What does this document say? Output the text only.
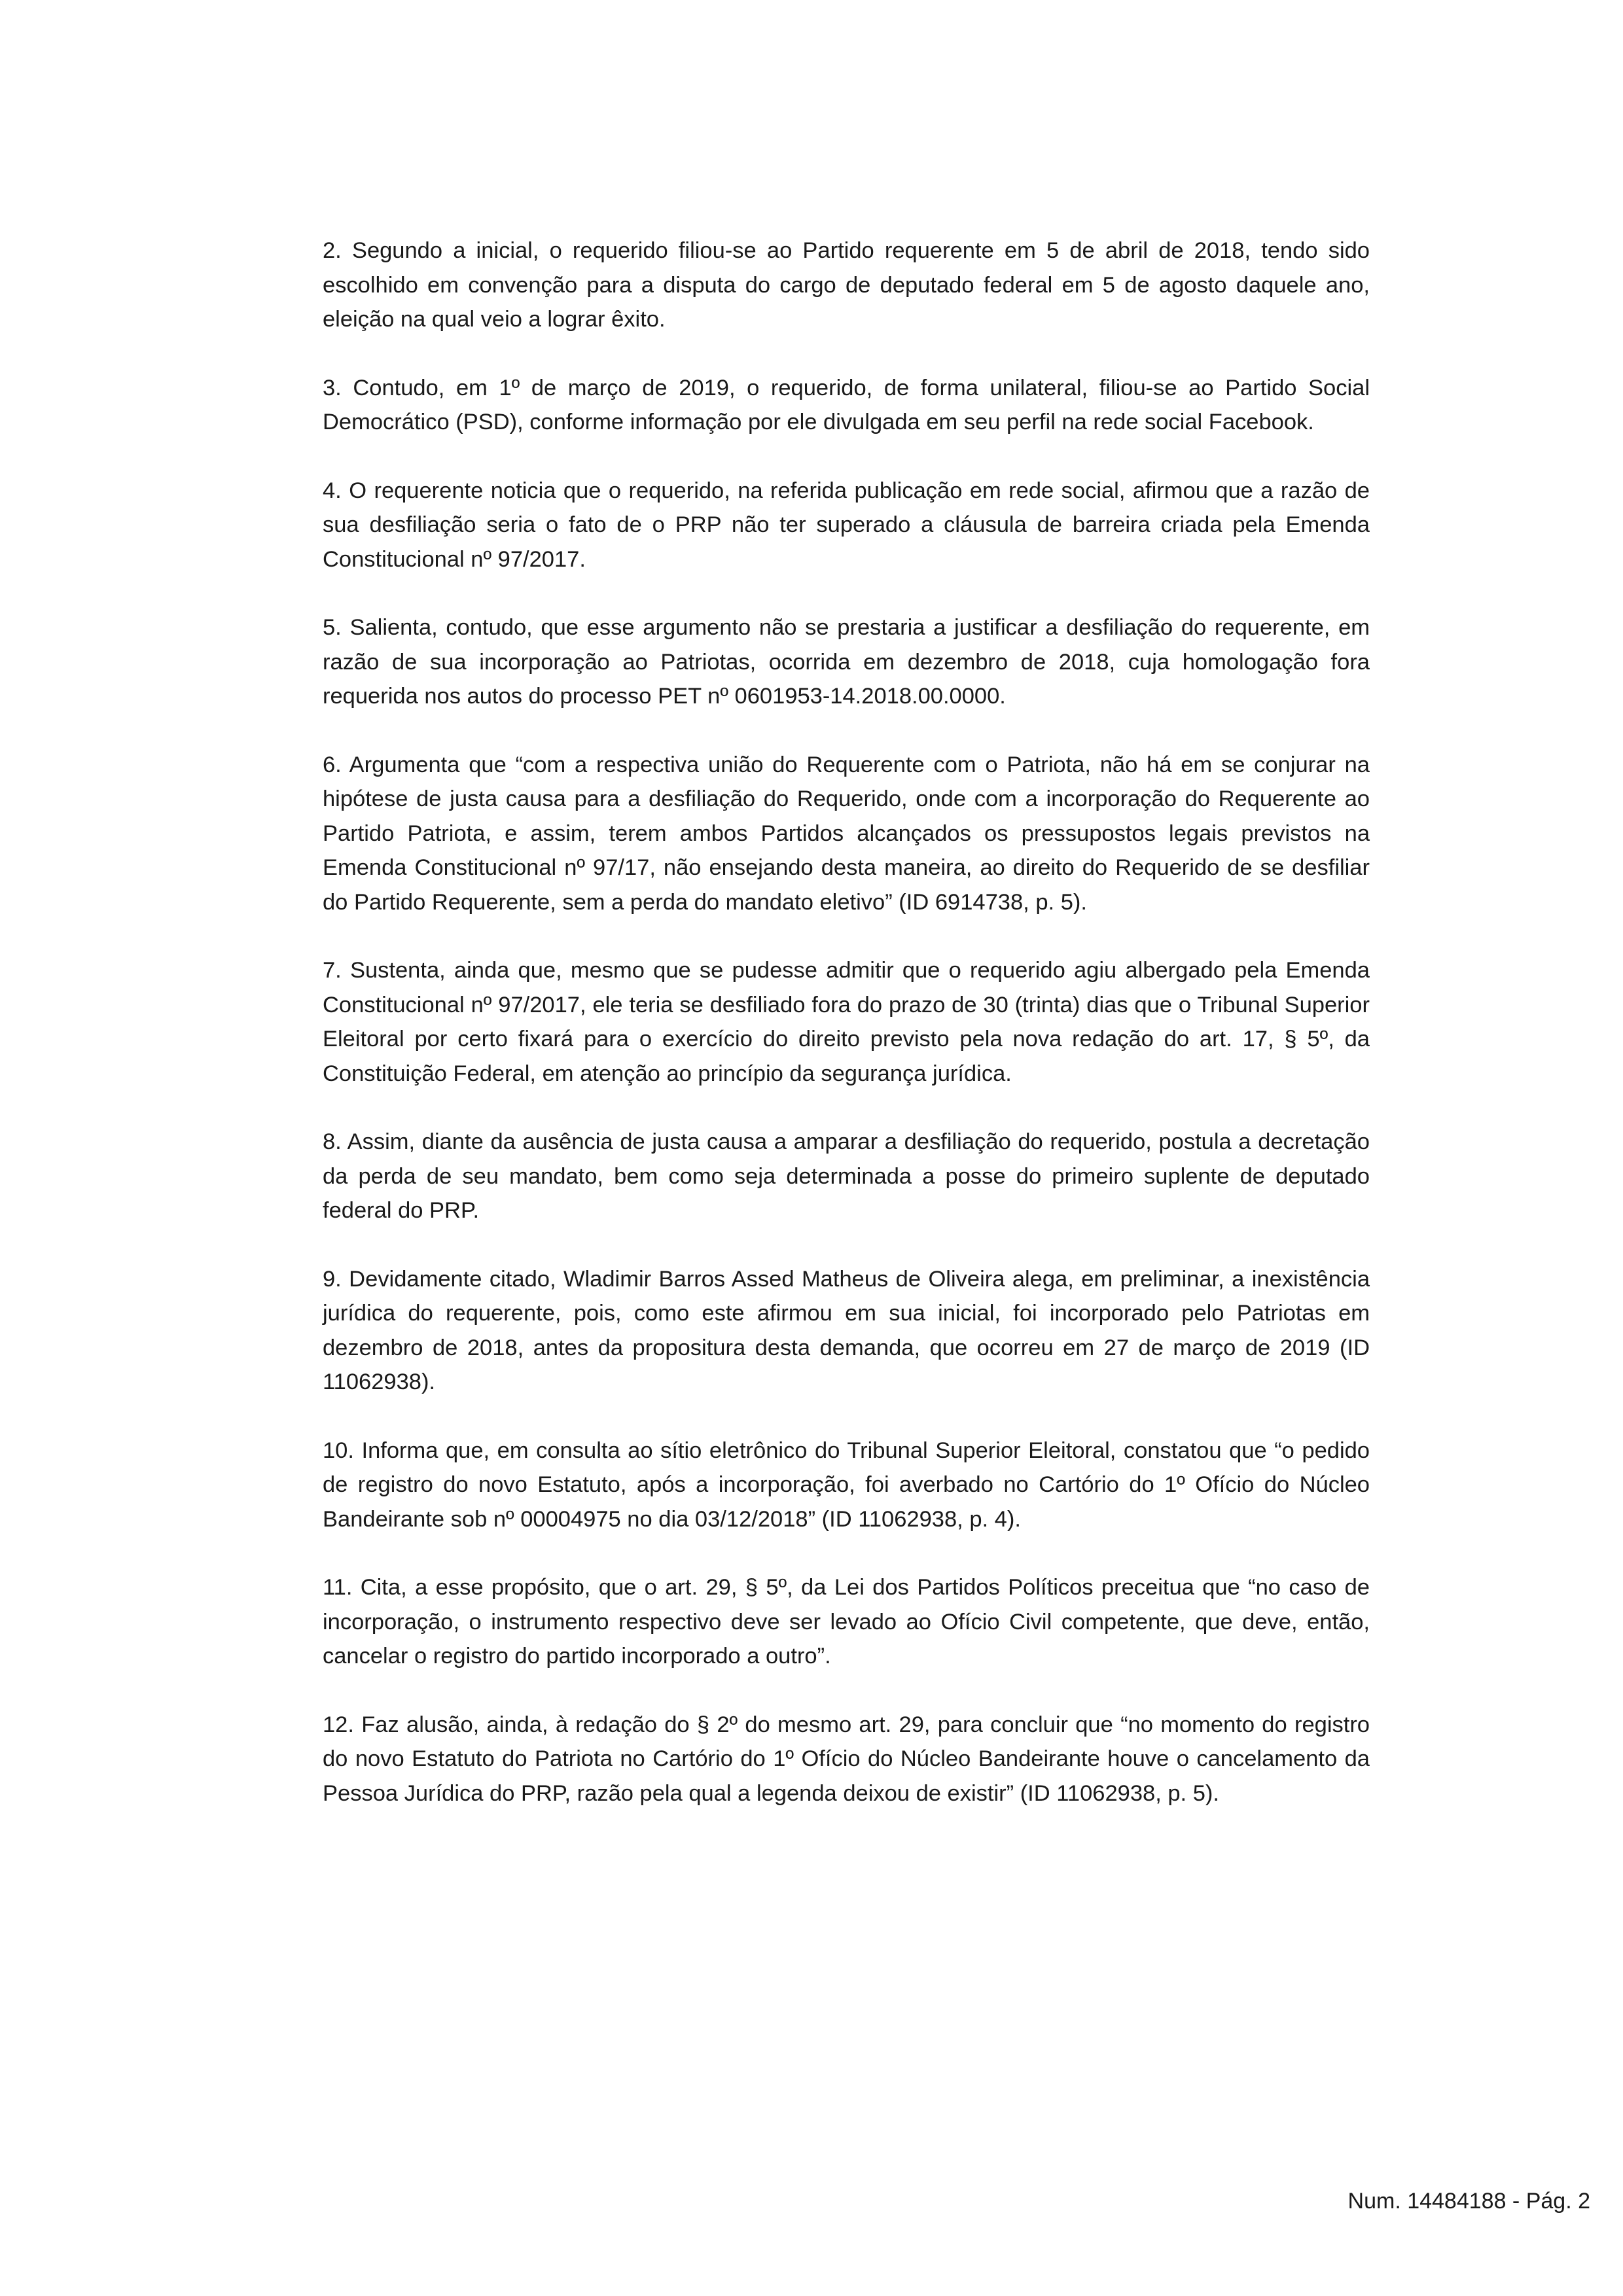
2. Segundo a inicial, o requerido filiou-se ao Partido requerente em 5 de abril de 2018, tendo sido escolhido em convenção para a disputa do cargo de deputado federal em 5 de agosto daquele ano, eleição na qual veio a lograr êxito.

3. Contudo, em 1º de março de 2019, o requerido, de forma unilateral, filiou-se ao Partido Social Democrático (PSD), conforme informação por ele divulgada em seu perfil na rede social Facebook.

4. O requerente noticia que o requerido, na referida publicação em rede social, afirmou que a razão de sua desfiliação seria o fato de o PRP não ter superado a cláusula de barreira criada pela Emenda Constitucional nº 97/2017.

5. Salienta, contudo, que esse argumento não se prestaria a justificar a desfiliação do requerente, em razão de sua incorporação ao Patriotas, ocorrida em dezembro de 2018, cuja homologação fora requerida nos autos do processo PET nº 0601953-14.2018.00.0000.

6. Argumenta que “com a respectiva união do Requerente com o Patriota, não há em se conjurar na hipótese de justa causa para a desfiliação do Requerido, onde com a incorporação do Requerente ao Partido Patriota, e assim, terem ambos Partidos alcançados os pressupostos legais previstos na Emenda Constitucional nº 97/17, não ensejando desta maneira, ao direito do Requerido de se desfiliar do Partido Requerente, sem a perda do mandato eletivo” (ID 6914738, p. 5).

7. Sustenta, ainda que, mesmo que se pudesse admitir que o requerido agiu albergado pela Emenda Constitucional nº 97/2017, ele teria se desfiliado fora do prazo de 30 (trinta) dias que o Tribunal Superior Eleitoral por certo fixará para o exercício do direito previsto pela nova redação do art. 17, § 5º, da Constituição Federal, em atenção ao princípio da segurança jurídica.

8. Assim, diante da ausência de justa causa a amparar a desfiliação do requerido, postula a decretação da perda de seu mandato, bem como seja determinada a posse do primeiro suplente de deputado federal do PRP.

9. Devidamente citado, Wladimir Barros Assed Matheus de Oliveira alega, em preliminar, a inexistência jurídica do requerente, pois, como este afirmou em sua inicial, foi incorporado pelo Patriotas em dezembro de 2018, antes da propositura desta demanda, que ocorreu em 27 de março de 2019 (ID 11062938).

10. Informa que, em consulta ao sítio eletrônico do Tribunal Superior Eleitoral, constatou que “o pedido de registro do novo Estatuto, após a incorporação, foi averbado no Cartório do 1º Ofício do Núcleo Bandeirante sob nº 00004975 no dia 03/12/2018” (ID 11062938, p. 4).

11. Cita, a esse propósito, que o art. 29, § 5º, da Lei dos Partidos Políticos preceitua que “no caso de incorporação, o instrumento respectivo deve ser levado ao Ofício Civil competente, que deve, então, cancelar o registro do partido incorporado a outro”.

12. Faz alusão, ainda, à redação do § 2º do mesmo art. 29, para concluir que “no momento do registro do novo Estatuto do Patriota no Cartório do 1º Ofício do Núcleo Bandeirante houve o cancelamento da Pessoa Jurídica do PRP, razão pela qual a legenda deixou de existir” (ID 11062938, p. 5).

Num. 14484188 - Pág. 2
